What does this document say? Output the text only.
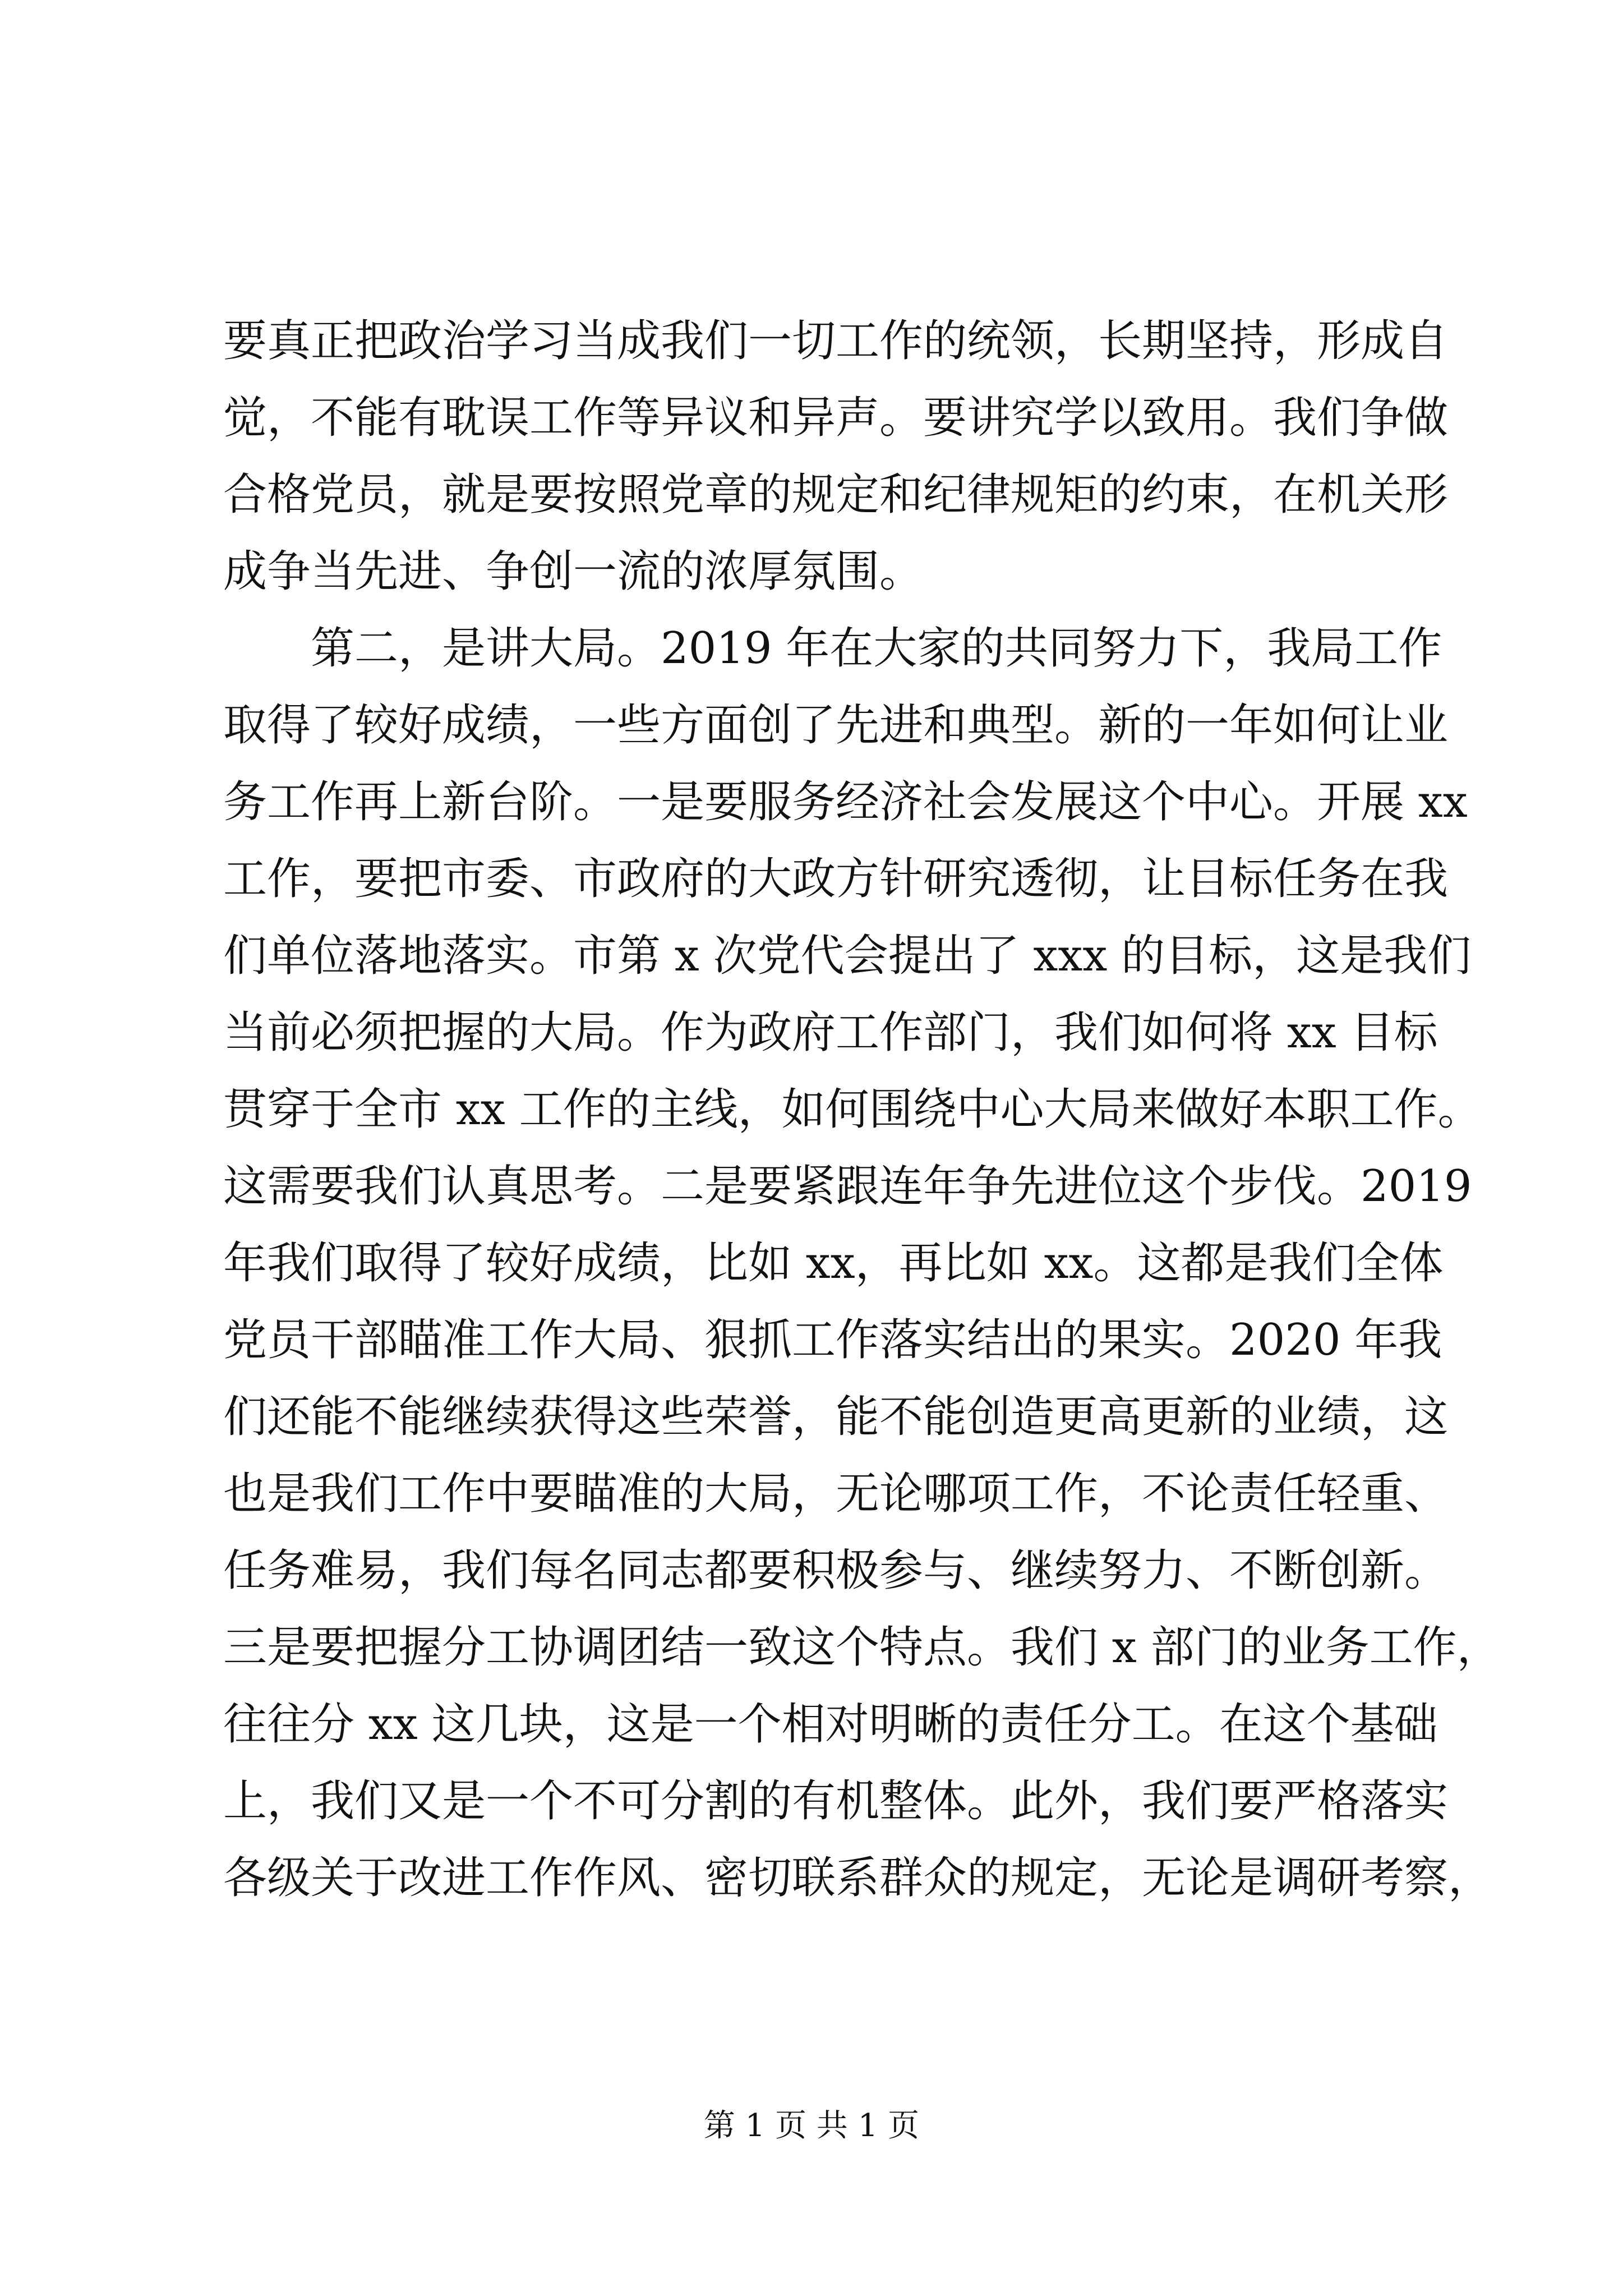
要真正把政治学习当成我们一切工作的统领，长期坚持，形成自
觉，不能有耽误工作等异议和异声。要讲究学以致用。我们争做
合格党员，就是要按照党章的规定和纪律规矩的约束，在机关形
成争当先进、争创一流的浓厚氛围。
第二，是讲大局。2019 年在大家的共同努力下，我局工作
取得了较好成绩，一些方面创了先进和典型。新的一年如何让业
务工作再上新台阶。一是要服务经济社会发展这个中心。开展 xx
工作，要把市委、市政府的大政方针研究透彻，让目标任务在我
们单位落地落实。市第 x 次党代会提出了 xxx 的目标，这是我们
当前必须把握的大局。作为政府工作部门，我们如何将 xx 目标
贯穿于全市 xx 工作的主线，如何围绕中心大局来做好本职工作。
这需要我们认真思考。二是要紧跟连年争先进位这个步伐。2019
年我们取得了较好成绩，比如 xx，再比如 xx。这都是我们全体
党员干部瞄准工作大局、狠抓工作落实结出的果实。2020 年我
们还能不能继续获得这些荣誉，能不能创造更高更新的业绩，这
也是我们工作中要瞄准的大局，无论哪项工作，不论责任轻重、
任务难易，我们每名同志都要积极参与、继续努力、不断创新。
三是要把握分工协调团结一致这个特点。我们 x 部门的业务工作，
往往分 xx 这几块，这是一个相对明晰的责任分工。在这个基础
上，我们又是一个不可分割的有机整体。此外，我们要严格落实
各级关于改进工作作风、密切联系群众的规定，无论是调研考察，
第 1 页 共 1 页
